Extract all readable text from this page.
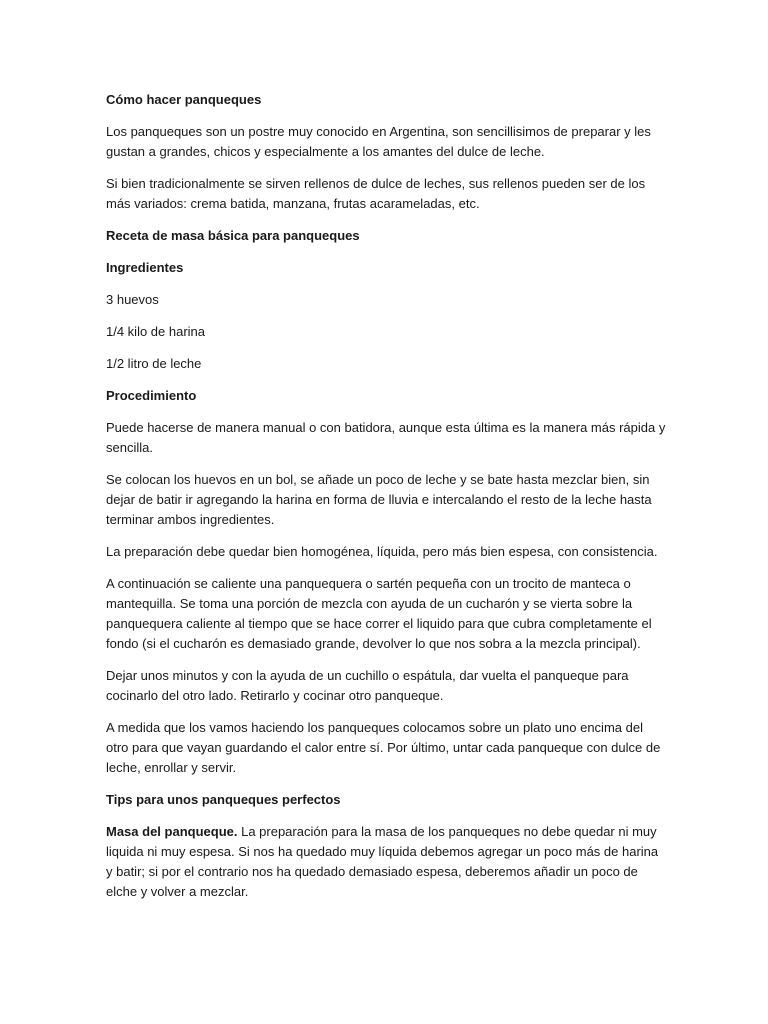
Cómo hacer panqueques

Los panqueques son un postre muy conocido en Argentina, son sencillisimos de preparar y les gustan a grandes, chicos y especialmente a los amantes del dulce de leche.

Si bien tradicionalmente se sirven rellenos de dulce de leches, sus rellenos pueden ser de los más variados: crema batida, manzana, frutas acarameladas, etc.

Receta de masa básica para panqueques

Ingredientes

3 huevos

1/4 kilo de harina

1/2 litro de leche

Procedimiento

Puede hacerse de manera manual o con batidora, aunque esta última es la manera más rápida y sencilla.

Se colocan los huevos en un bol, se añade un poco de leche y se bate hasta mezclar bien, sin dejar de batir ir agregando la harina en forma de lluvia e intercalando el resto de la leche hasta terminar ambos ingredientes.

La preparación debe quedar bien homogénea, líquida, pero más bien espesa, con consistencia.

A continuación se caliente una panquequera o sartén pequeña con un trocito de manteca o mantequilla. Se toma una porción de mezcla con ayuda de un cucharón y se vierta sobre la panquequera caliente al tiempo que se hace correr el liquido para que cubra completamente el fondo (si el cucharón es demasiado grande, devolver lo que nos sobra a la mezcla principal).

Dejar unos minutos y con la ayuda de un cuchillo o espátula, dar vuelta el panqueque para cocinarlo del otro lado. Retirarlo y cocinar otro panqueque.

A medida que los vamos haciendo los panqueques colocamos sobre un plato uno encima del otro para que vayan guardando el calor entre sí. Por último, untar cada panqueque con dulce de leche, enrollar y servir.

Tips para unos panqueques perfectos

Masa del panqueque. La preparación para la masa de los panqueques no debe quedar ni muy liquida ni muy espesa. Si nos ha quedado muy líquida debemos agregar un poco más de harina y batir; si por el contrario nos ha quedado demasiado espesa, deberemos añadir un poco de elche y volver a mezclar.
